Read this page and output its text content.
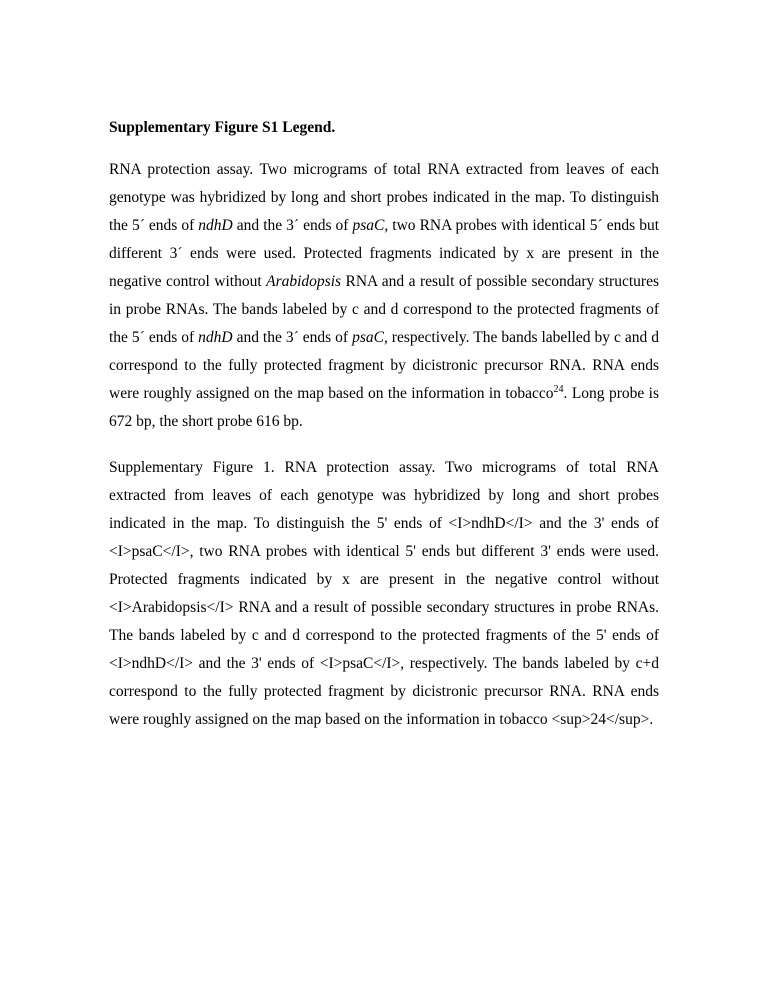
Supplementary Figure S1 Legend.
RNA protection assay. Two micrograms of total RNA extracted from leaves of each
genotype was hybridized by long and short probes indicated in the map. To distinguish
the 5´ ends of ndhD and the 3´ ends of psaC, two RNA probes with identical 5´ ends but
different 3´ ends were used. Protected fragments indicated by x are present in the
negative control without Arabidopsis RNA and a result of possible secondary structures
in probe RNAs. The bands labeled by c and d correspond to the protected fragments of
the 5´ ends of ndhD and the 3´ ends of psaC, respectively. The bands labelled by c and d
correspond to the fully protected fragment by dicistronic precursor RNA. RNA ends
were roughly assigned on the map based on the information in tobacco$^{24}$. Long probe is
672 bp, the short probe 616 bp.
Supplementary Figure 1. RNA protection assay. Two micrograms of total RNA
extracted from leaves of each genotype was hybridized by long and short probes
indicated in the map. To distinguish the 5' ends of <I>ndhD</I> and the 3' ends of
<I>psaC</I>, two RNA probes with identical 5' ends but different 3' ends were used.
Protected fragments indicated by x are present in the negative control without
<I>Arabidopsis</I> RNA and a result of possible secondary structures in probe RNAs.
The bands labeled by c and d correspond to the protected fragments of the 5' ends of
<I>ndhD</I> and the 3' ends of <I>psaC</I>, respectively. The bands labeled by c+d
correspond to the fully protected fragment by dicistronic precursor RNA. RNA ends
were roughly assigned on the map based on the information in tobacco <sup>24</sup>.
